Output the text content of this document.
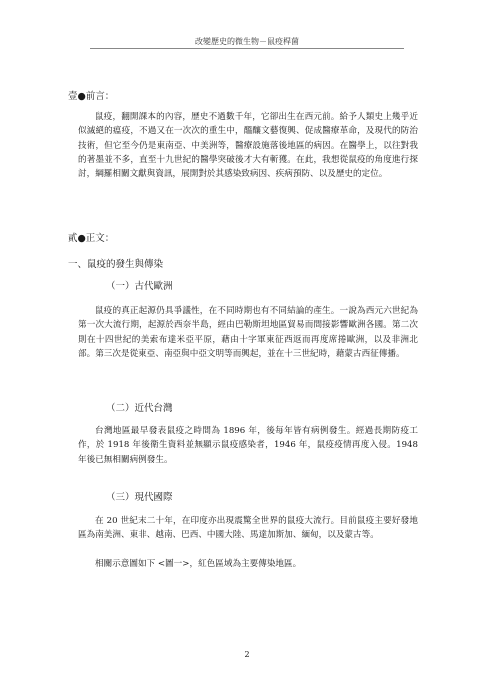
改變歷史的微生物－鼠疫桿菌
壹●前言：
鼠疫，翻開課本的內容，歷史不過數千年，它卻出生在西元前。給予人類史上幾乎近似滅絕的瘟疫，不過又在一次次的重生中，醞釀文藝復興、促成醫療革命，及現代的防治技術，但它至今仍是東南亞、中美洲等，醫療設施落後地區的病因。在醫學上，以往對我的著墨並不多，直至十九世紀的醫學突破後才大有斬獲。在此，我想從鼠疫的角度進行探討，綱羅相關文獻與資訊，展開對於其感染致病因、疾病預防、以及歷史的定位。
貳●正文：
一、鼠疫的發生與傳染
（一）古代歐洲
鼠疫的真正起源仍具爭議性，在不同時期也有不同結論的產生。一說為西元六世紀為第一次大流行期，起源於西奈半島，經由巴勒斯坦地區貿易而間接影響歐洲各國。第二次則在十四世紀的美索布達米亞平原，藉由十字軍東征西返而再度席捲歐洲，以及非洲北部。第三次是從東亞、南亞與中亞文明等而興起，並在十三世紀時，藉蒙古西征傳播。
（二）近代台灣
台灣地區最早發表鼠疫之時間為 1896 年，後每年皆有病例發生。經過長期防疫工作，於 1918 年後衛生資料並無顯示鼠疫感染者，1946 年，鼠疫疫情再度入侵。1948 年後已無相關病例發生。
（三）現代國際
在 20 世紀末二十年，在印度亦出現震驚全世界的鼠疫大流行。目前鼠疫主要好發地區為南美洲、東非、越南、巴西、中國大陸、馬達加斯加、緬甸，以及蒙古等。
相關示意圖如下 <圖一>，紅色區域為主要傳染地區。
2
